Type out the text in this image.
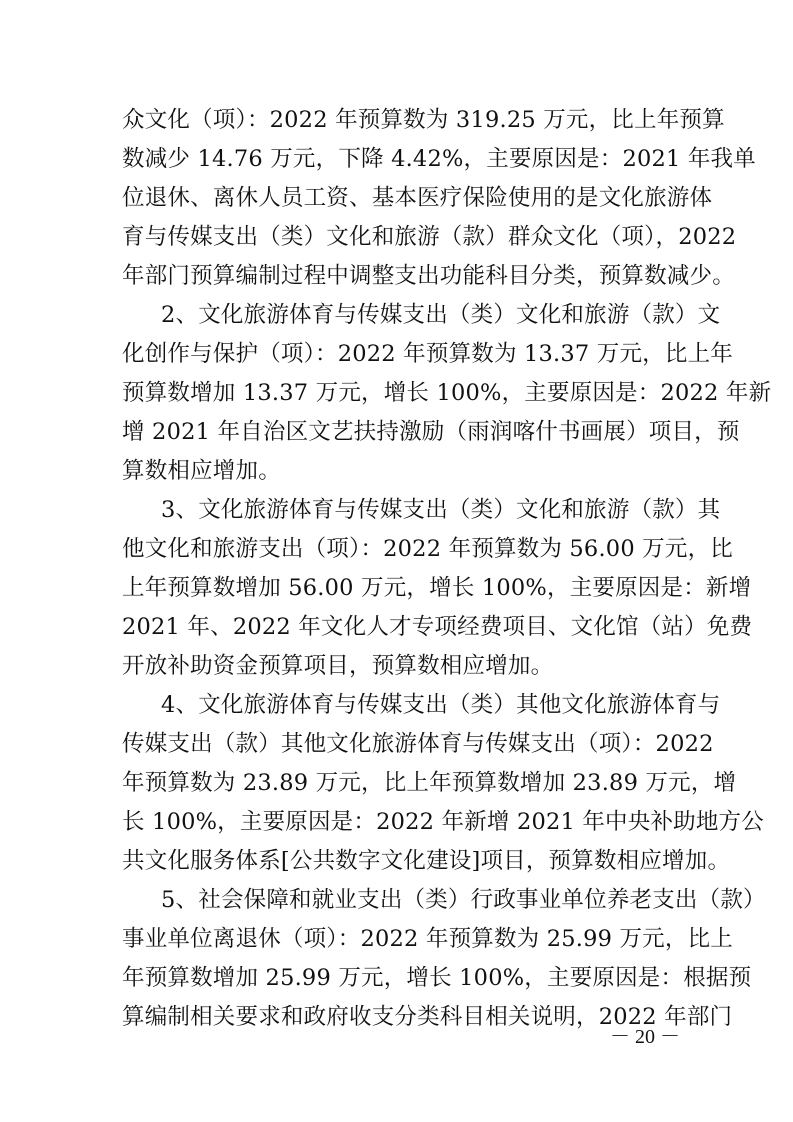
众文化（项）：2022 年预算数为 319.25 万元，比上年预算
数减少 14.76 万元，下降 4.42%，主要原因是：2021 年我单
位退休、离休人员工资、基本医疗保险使用的是文化旅游体
育与传媒支出（类）文化和旅游（款）群众文化（项），2022
年部门预算编制过程中调整支出功能科目分类，预算数减少。
2、文化旅游体育与传媒支出（类）文化和旅游（款）文
化创作与保护（项）：2022 年预算数为 13.37 万元，比上年
预算数增加 13.37 万元，增长 100%，主要原因是：2022 年新
增 2021 年自治区文艺扶持激励（雨润喀什书画展）项目，预
算数相应增加。
3、文化旅游体育与传媒支出（类）文化和旅游（款）其
他文化和旅游支出（项）：2022 年预算数为 56.00 万元，比
上年预算数增加 56.00 万元，增长 100%，主要原因是：新增
2021 年、2022 年文化人才专项经费项目、文化馆（站）免费
开放补助资金预算项目，预算数相应增加。
4、文化旅游体育与传媒支出（类）其他文化旅游体育与
传媒支出（款）其他文化旅游体育与传媒支出（项）：2022
年预算数为 23.89 万元，比上年预算数增加 23.89 万元，增
长 100%，主要原因是：2022 年新增 2021 年中央补助地方公
共文化服务体系[公共数字文化建设]项目，预算数相应增加。
5、社会保障和就业支出（类）行政事业单位养老支出（款）
事业单位离退休（项）：2022 年预算数为 25.99 万元，比上
年预算数增加 25.99 万元，增长 100%，主要原因是：根据预
算编制相关要求和政府收支分类科目相关说明，2022 年部门
－ 20 －
